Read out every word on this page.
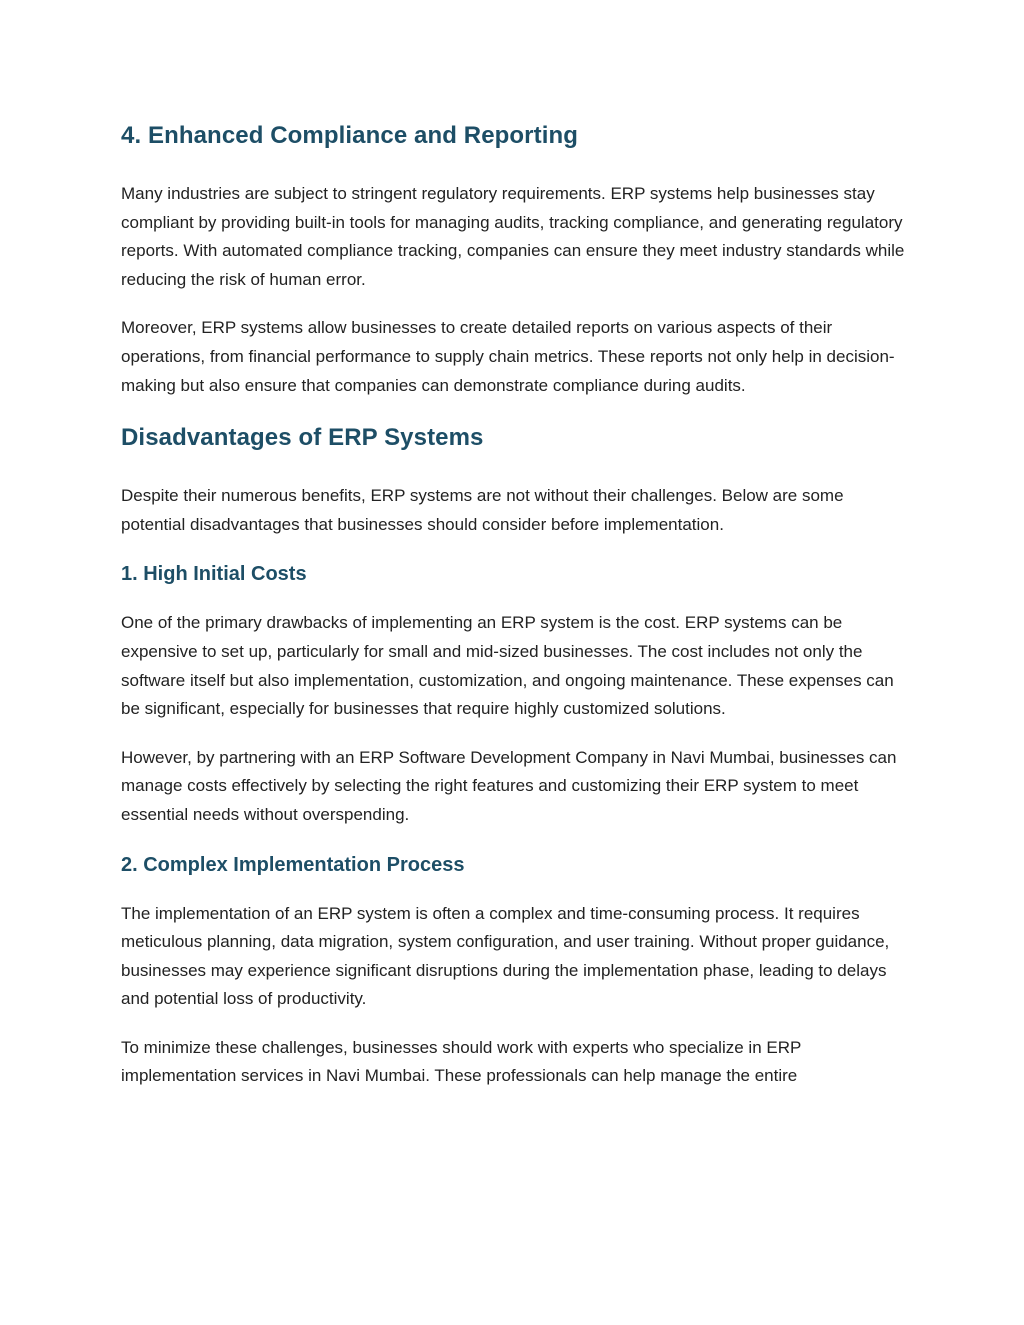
4. Enhanced Compliance and Reporting

Many industries are subject to stringent regulatory requirements. ERP systems help businesses stay compliant by providing built-in tools for managing audits, tracking compliance, and generating regulatory reports. With automated compliance tracking, companies can ensure they meet industry standards while reducing the risk of human error.

Moreover, ERP systems allow businesses to create detailed reports on various aspects of their operations, from financial performance to supply chain metrics. These reports not only help in decision-making but also ensure that companies can demonstrate compliance during audits.

Disadvantages of ERP Systems

Despite their numerous benefits, ERP systems are not without their challenges. Below are some potential disadvantages that businesses should consider before implementation.

1. High Initial Costs

One of the primary drawbacks of implementing an ERP system is the cost. ERP systems can be expensive to set up, particularly for small and mid-sized businesses. The cost includes not only the software itself but also implementation, customization, and ongoing maintenance. These expenses can be significant, especially for businesses that require highly customized solutions.

However, by partnering with an ERP Software Development Company in Navi Mumbai, businesses can manage costs effectively by selecting the right features and customizing their ERP system to meet essential needs without overspending.

2. Complex Implementation Process

The implementation of an ERP system is often a complex and time-consuming process. It requires meticulous planning, data migration, system configuration, and user training. Without proper guidance, businesses may experience significant disruptions during the implementation phase, leading to delays and potential loss of productivity.

To minimize these challenges, businesses should work with experts who specialize in ERP implementation services in Navi Mumbai. These professionals can help manage the entire
